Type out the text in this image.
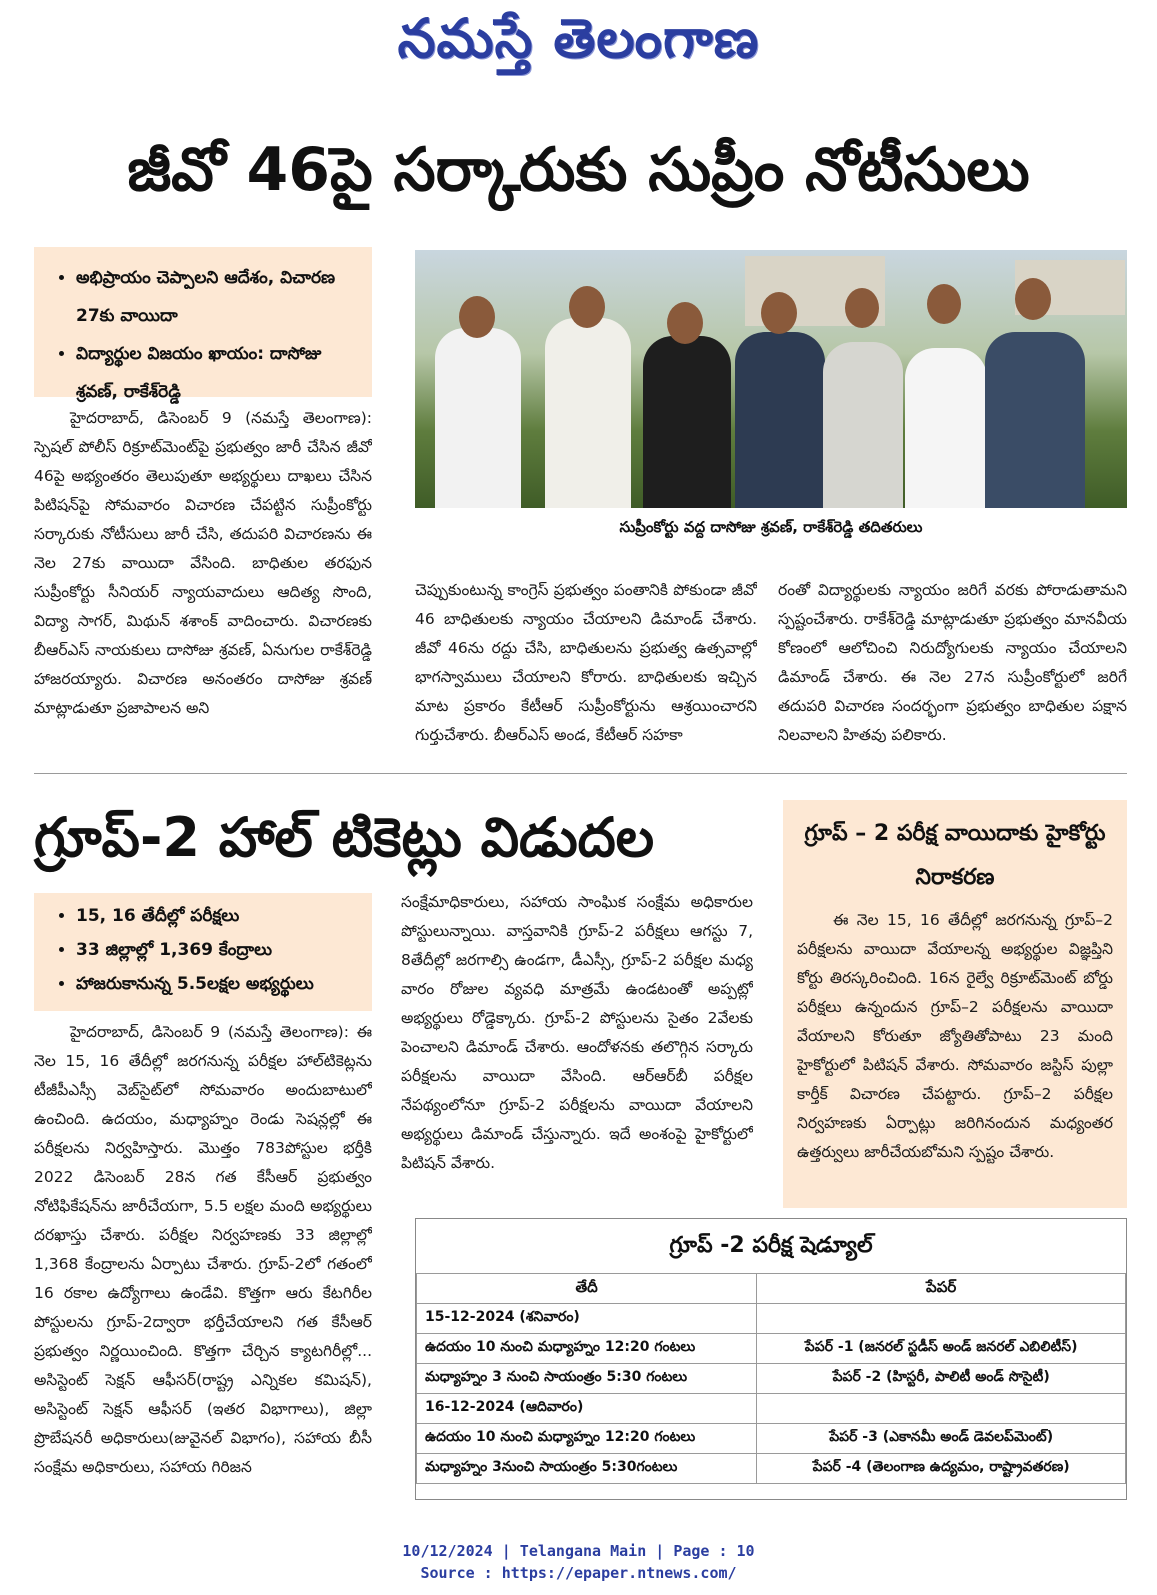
నమస్తే తెలంగాణ
జీవో 46పై సర్కారుకు సుప్రీం నోటీసులు
• అభిప్రాయం చెప్పాలని ఆదేశం, విచారణ 27కు వాయిదా
• విద్యార్థుల విజయం ఖాయం: దాసోజు శ్రవణ్, రాకేశ్‌రెడ్డి

హైదరాబాద్, డిసెంబర్ 9 (నమస్తే తెలంగాణ): స్పెషల్ పోలీస్ రిక్రూట్‌మెంట్‌పై ప్రభుత్వం జారీ చేసిన జీవో 46పై అభ్యంతరం తెలుపుతూ అభ్యర్థులు దాఖలు చేసిన పిటిషన్‌పై సోమవారం విచారణ చేపట్టిన సుప్రీంకోర్టు సర్కారుకు నోటీసులు జారీ చేసి, తదుపరి విచారణను ఈ నెల 27కు వాయిదా వేసింది. బాధితుల తరఫున సుప్రీంకోర్టు సీనియర్ న్యాయవాదులు ఆదిత్య సొంది, విద్యా సాగర్, మిథున్ శశాంక్ వాదించారు. విచారణకు బీఆర్‌ఎస్ నాయకులు దాసోజు శ్రవణ్, ఏనుగుల రాకేశ్‌రెడ్డి హాజరయ్యారు. విచారణ అనంతరం దాసోజు శ్రవణ్ మాట్లాడుతూ ప్రజాపాలన అని

సుప్రీంకోర్టు వద్ద దాసోజు శ్రవణ్, రాకేశ్‌రెడ్డి తదితరులు

చెప్పుకుంటున్న కాంగ్రెస్ ప్రభుత్వం పంతానికి పోకుండా జీవో 46 బాధితులకు న్యాయం చేయాలని డిమాండ్ చేశారు. జీవో 46ను రద్దు చేసి, బాధితులను ప్రభుత్వ ఉత్సవాల్లో భాగస్వాములు చేయాలని కోరారు. బాధితులకు ఇచ్చిన మాట ప్రకారం కేటీఆర్ సుప్రీంకోర్టును ఆశ్రయించారని గుర్తుచేశారు. బీఆర్‌ఎస్ అండ, కేటీఆర్ సహకా

రంతో విద్యార్థులకు న్యాయం జరిగే వరకు పోరాడుతామని స్పష్టంచేశారు. రాకేశ్‌రెడ్డి మాట్లాడుతూ ప్రభుత్వం మానవీయ కోణంలో ఆలోచించి నిరుద్యోగులకు న్యాయం చేయాలని డిమాండ్ చేశారు. ఈ నెల 27న సుప్రీంకోర్టులో జరిగే తదుపరి విచారణ సందర్భంగా ప్రభుత్వం బాధితుల పక్షాన నిలవాలని హితవు పలికారు.

గ్రూప్-2 హాల్ టికెట్లు విడుదల
• 15, 16 తేదీల్లో పరీక్షలు
• 33 జిల్లాల్లో 1,369 కేంద్రాలు
• హాజరుకానున్న 5.5లక్షల అభ్యర్థులు

హైదరాబాద్, డిసెంబర్ 9 (నమస్తే తెలంగాణ): ఈ నెల 15, 16 తేదీల్లో జరగనున్న పరీక్షల హాల్‌టికెట్లను టీజీపీఎస్సీ వెబ్‌సైట్‌లో సోమవారం అందుబాటులో ఉంచింది. ఉదయం, మధ్యాహ్నం రెండు సెషన్లల్లో ఈ పరీక్షలను నిర్వహిస్తారు. మొత్తం 783పోస్టుల భర్తీకి 2022 డిసెంబర్ 28న గత కేసీఆర్ ప్రభుత్వం నోటిఫికేషన్‌ను జారీచేయగా, 5.5 లక్షల మంది అభ్యర్థులు దరఖాస్తు చేశారు. పరీక్షల నిర్వహణకు 33 జిల్లాల్లో 1,368 కేంద్రాలను ఏర్పాటు చేశారు. గ్రూప్-2లో గతంలో 16 రకాల ఉద్యోగాలు ఉండేవి. కొత్తగా ఆరు కేటగిరీల పోస్టులను గ్రూప్-2ద్వారా భర్తీచేయాలని గత కేసీఆర్ ప్రభుత్వం నిర్ణయించింది. కొత్తగా చేర్చిన క్యాటగిరీల్లో... అసిస్టెంట్ సెక్షన్ ఆఫీసర్(రాష్ట్ర ఎన్నికల కమిషన్), అసిస్టెంట్ సెక్షన్ ఆఫీసర్ (ఇతర విభాగాలు), జిల్లా ప్రొబేషనరీ అధికారులు(జువైనల్ విభాగం), సహాయ బీసీ సంక్షేమ అధికారులు, సహాయ గిరిజన

సంక్షేమాధికారులు, సహాయ సాంఘిక సంక్షేమ అధికారుల పోస్టులున్నాయి. వాస్తవానికి గ్రూప్-2 పరీక్షలు ఆగస్టు 7, 8తేదీల్లో జరగాల్సి ఉండగా, డీఎస్సీ, గ్రూప్-2 పరీక్షల మధ్య వారం రోజుల వ్యవధి మాత్రమే ఉండటంతో అప్పట్లో అభ్యర్థులు రోడ్డెక్కారు. గ్రూప్-2 పోస్టులను సైతం 2వేలకు పెంచాలని డిమాండ్ చేశారు. ఆందోళనకు తలొగ్గిన సర్కారు పరీక్షలను వాయిదా వేసింది. ఆర్‌ఆర్‌బీ పరీక్షల నేపథ్యంలోనూ గ్రూప్-2 పరీక్షలను వాయిదా వేయాలని అభ్యర్థులు డిమాండ్ చేస్తున్నారు. ఇదే అంశంపై హైకోర్టులో పిటిషన్ వేశారు.

గ్రూప్ – 2 పరీక్ష వాయిదాకు హైకోర్టు నిరాకరణ

ఈ నెల 15, 16 తేదీల్లో జరగనున్న గ్రూప్–2 పరీక్షలను వాయిదా వేయాలన్న అభ్యర్థుల విజ్ఞప్తిని కోర్టు తిరస్కరించింది. 16న రైల్వే రిక్రూట్‌మెంట్ బోర్డు పరీక్షలు ఉన్నందున గ్రూప్–2 పరీక్షలను వాయిదా వేయాలని కోరుతూ జ్యోతితోపాటు 23 మంది హైకోర్టులో పిటిషన్ వేశారు. సోమవారం జస్టిస్ పుల్లా కార్తీక్ విచారణ చేపట్టారు. గ్రూప్–2 పరీక్షల నిర్వహణకు ఏర్పాట్లు జరిగినందున మధ్యంతర ఉత్తర్వులు జారీచేయబోమని స్పష్టం చేశారు.

గ్రూప్ -2 పరీక్ష షెడ్యూల్
తేదీ	పేపర్
15-12-2024 (శనివారం)	
ఉదయం 10 నుంచి మధ్యాహ్నం 12:20 గంటలు	పేపర్ -1 (జనరల్ స్టడీస్ అండ్ జనరల్ ఎబిలిటీస్)
మధ్యాహ్నం 3 నుంచి సాయంత్రం 5:30 గంటలు	పేపర్ -2 (హిస్టరీ, పాలిటీ అండ్ సొసైటీ)
16-12-2024 (ఆదివారం)	
ఉదయం 10 నుంచి మధ్యాహ్నం 12:20 గంటలు	పేపర్ -3 (ఎకానమీ అండ్ డెవలప్‌మెంట్)
మధ్యాహ్నం 3నుంచి సాయంత్రం 5:30గంటలు	పేపర్ -4 (తెలంగాణ ఉద్యమం, రాష్ట్రావతరణ)
10/12/2024 | Telangana Main | Page : 10
Source : https://epaper.ntnews.com/
